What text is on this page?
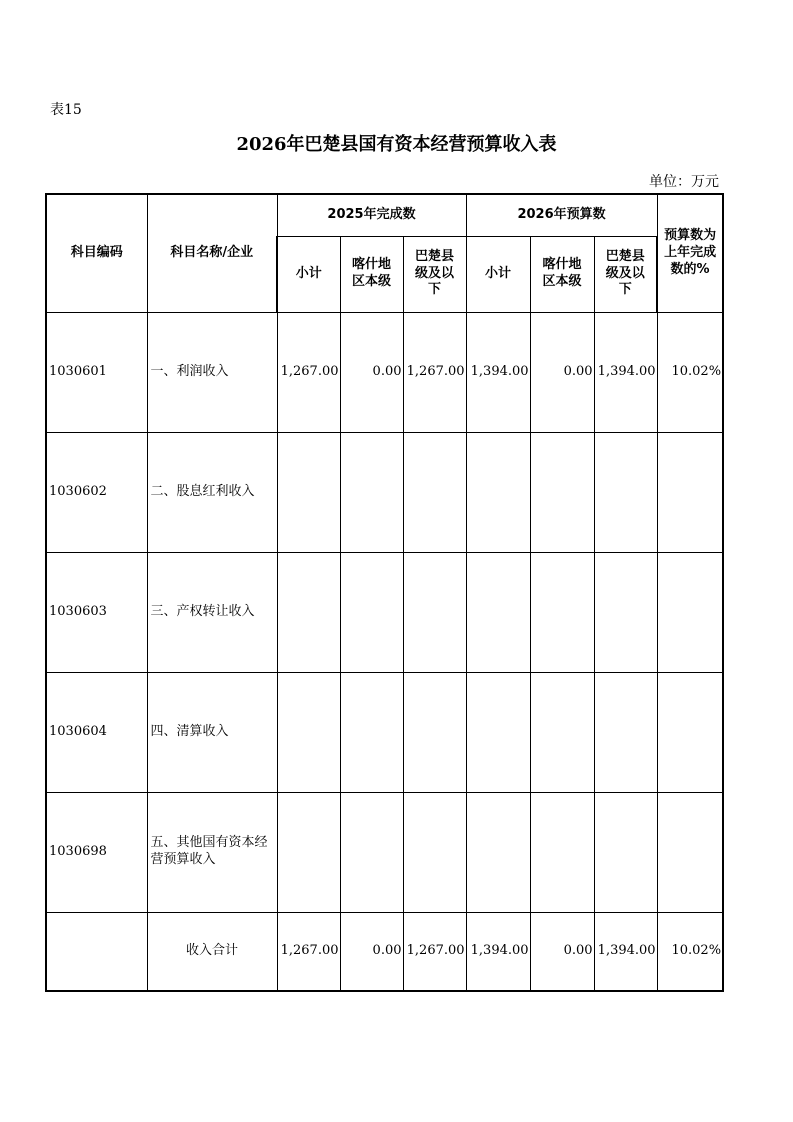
表15
2026年巴楚县国有资本经营预算收入表
单位：万元
科目编码	科目名称/企业	2025年完成数			2026年预算数			预算数为上年完成数的%
		小计	喀什地区本级	巴楚县级及以下	小计	喀什地区本级	巴楚县级及以下	
1030601	一、利润收入	1,267.00	0.00	1,267.00	1,394.00	0.00	1,394.00	10.02%
1030602	二、股息红利收入							
1030603	三、产权转让收入							
1030604	四、清算收入							
1030698	五、其他国有资本经营预算收入							
	收入合计	1,267.00	0.00	1,267.00	1,394.00	0.00	1,394.00	10.02%
